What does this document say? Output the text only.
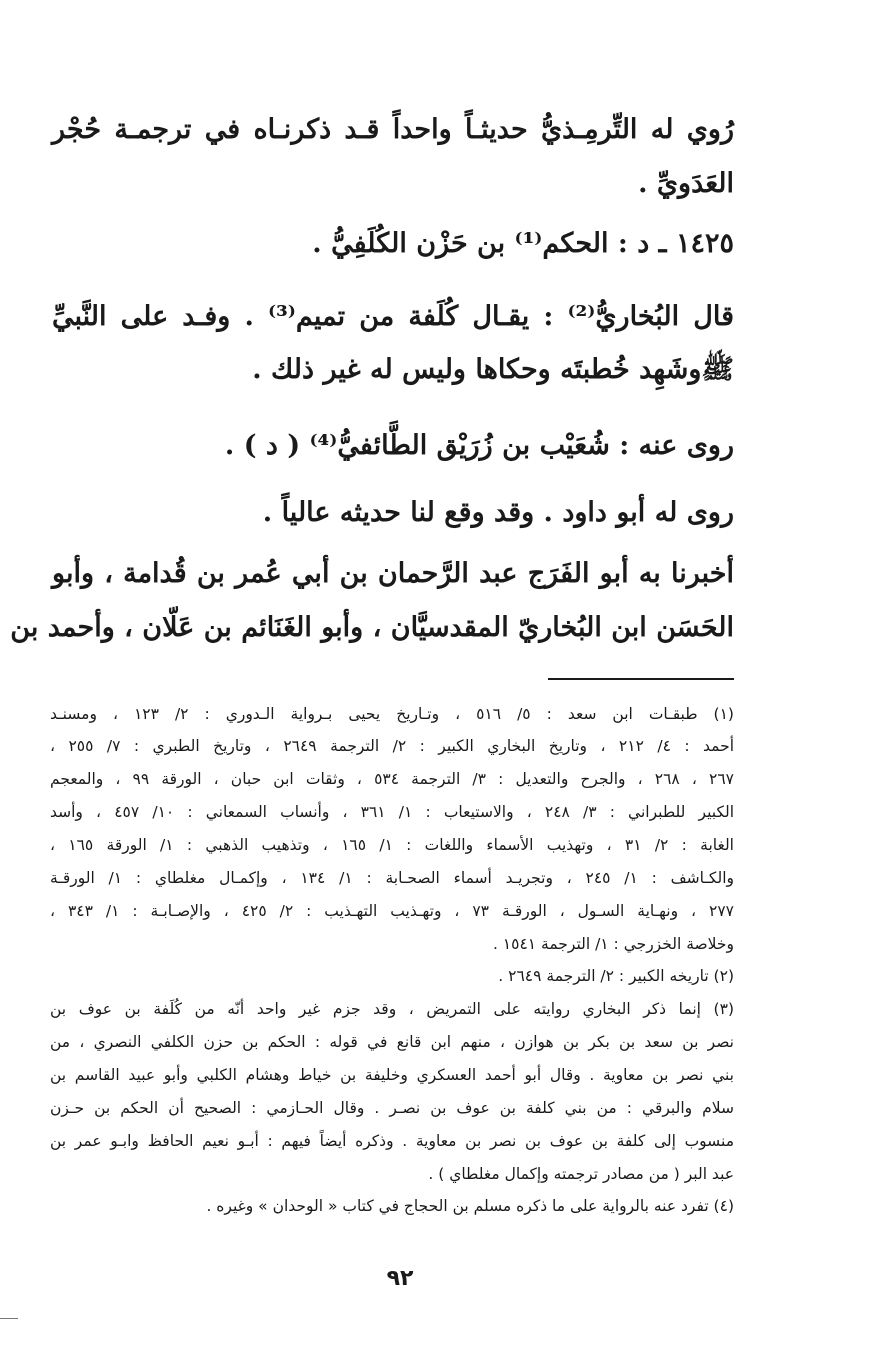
رُوي له التِّرمِـذيُّ حديثـاً واحداً قـد ذكرنـاه في ترجمـة حُجْر
العَدَويِّ .
١٤٢٥ ـ د : الحكم⁽¹⁾ بن حَزْن الكُلَفِيُّ .
قال البُخاريُّ⁽²⁾ : يقـال كُلَفة من تميم⁽³⁾ . وفـد على النَّبيِّ
ﷺوشَهِد خُطبتَه وحكاها وليس له غير ذلك .
روى عنه : شُعَيْب بن زُرَيْق الطَّائفيُّ⁽⁴⁾ ( د ) .
روى له أبو داود . وقد وقع لنا حديثه عالياً .
أخبرنا به أبو الفَرَج عبد الرَّحمان بن أبي عُمر بن قُدامة ، وأبو
الحَسَن ابن البُخاريّ المقدسيَّان ، وأبو الغَنَائم بن عَلّان ، وأحمد بن
(١) طبقـات ابن سعد : ٥/ ٥١٦ ، وتـاريخ يحيى بـرواية الـدوري : ٢/ ١٢٣ ، ومسنـد
أحمد : ٤/ ٢١٢ ، وتاريخ البخاري الكبير : ٢/ الترجمة ٢٦٤٩ ، وتاريخ الطبري : ٧/ ٢٥٥ ،
٢٦٧ ، ٢٦٨ ، والجرح والتعديل : ٣/ الترجمة ٥٣٤ ، وثقات ابن حبان ، الورقة ٩٩ ، والمعجم
الكبير للطبراني : ٣/ ٢٤٨ ، والاستيعاب : ١/ ٣٦١ ، وأنساب السمعاني : ١٠/ ٤٥٧ ، وأسد
الغابة : ٢/ ٣١ ، وتهذيب الأسماء واللغات : ١/ ١٦٥ ، وتذهيب الذهبي : ١/ الورقة ١٦٥ ،
والكـاشف : ١/ ٢٤٥ ، وتجريـد أسماء الصحـابة : ١/ ١٣٤ ، وإكمـال مغلطاي : ١/ الورقـة
٢٧٧ ، ونهـاية السـول ، الورقـة ٧٣ ، وتهـذيب التهـذيب : ٢/ ٤٢٥ ، والإصـابـة : ١/ ٣٤٣ ،
وخلاصة الخزرجي : ١/ الترجمة ١٥٤١ .
(٢) تاريخه الكبير : ٢/ الترجمة ٢٦٤٩ .
(٣) إنما ذكر البخاري روايته على التمريض ، وقد جزم غير واحد أنّه من كُلَفة بن عوف بن
نصر بن سعد بن بكر بن هوازن ، منهم ابن قانع في قوله : الحكم بن حزن الكلفي النصري ، من
بني نصر بن معاوية . وقال أبو أحمد العسكري وخليفة بن خياط وهشام الكلبي وأبو عبيد القاسم بن
سلام والبرقي : من بني كلفة بن عوف بن نصـر . وقال الحـازمي : الصحيح أن الحكم بن حـزن
منسوب إلى كلفة بن عوف بن نصر بن معاوية . وذكره أيضاً فيهم : أبـو نعيم الحافظ وابـو عمر بن
عبد البر ( من مصادر ترجمته وإكمال مغلطاي ) .
(٤) تفرد عنه بالرواية على ما ذكره مسلم بن الحجاج في كتاب « الوحدان » وغيره .
٩٢
